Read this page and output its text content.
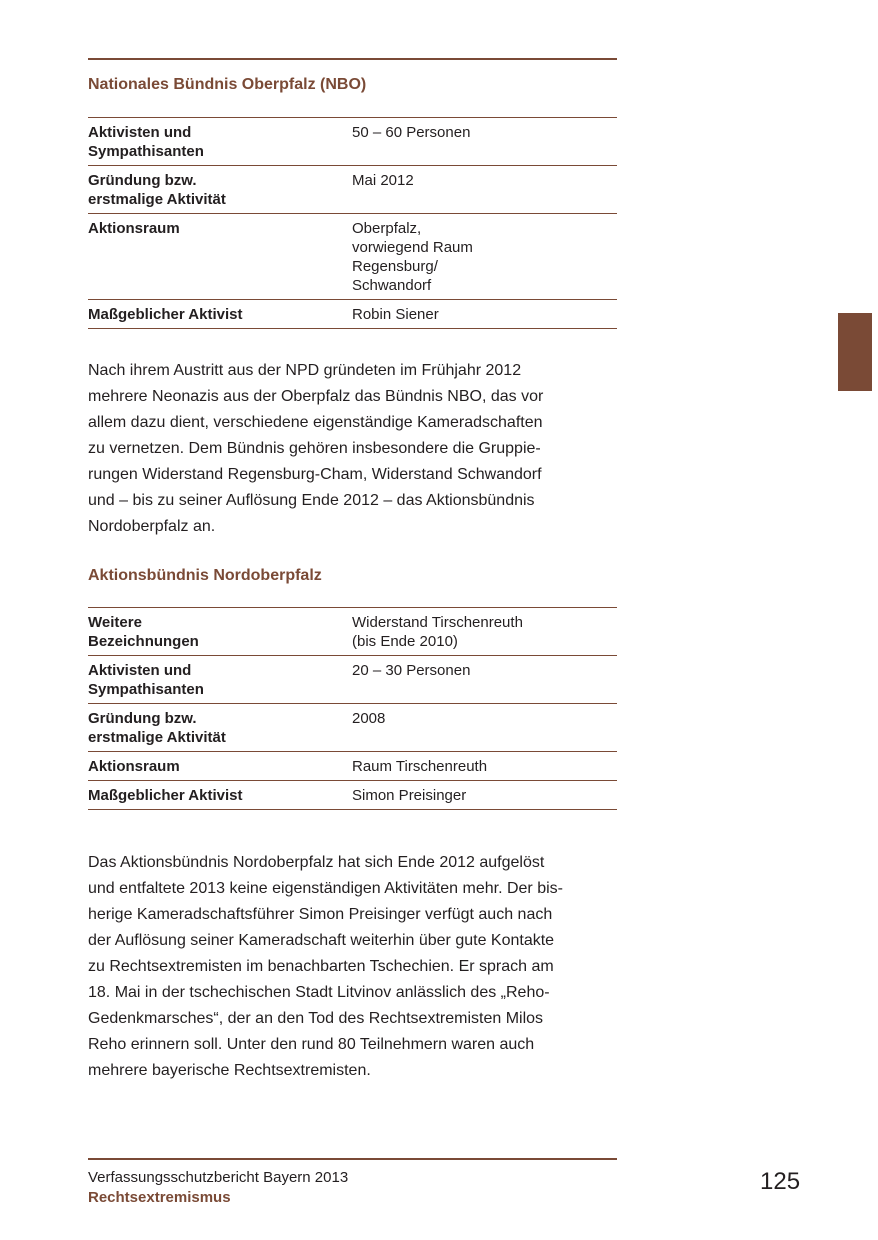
Nationales Bündnis Oberpfalz (NBO)
Aktivisten und
Sympathisanten	50 – 60 Personen
Gründung bzw.
erstmalige Aktivität	Mai 2012
Aktionsraum	Oberpfalz,
vorwiegend Raum
Regensburg/
Schwandorf
Maßgeblicher Aktivist	Robin Siener

Nach ihrem Austritt aus der NPD gründeten im Frühjahr 2012
mehrere Neonazis aus der Oberpfalz das Bündnis NBO, das vor
allem dazu dient, verschiedene eigenständige Kameradschaften
zu vernetzen. Dem Bündnis gehören insbesondere die Gruppie-
rungen Widerstand Regensburg-Cham, Widerstand Schwandorf
und – bis zu seiner Auflösung Ende 2012 – das Aktionsbündnis
Nordoberpfalz an.

Aktionsbündnis Nordoberpfalz
Weitere
Bezeichnungen	Widerstand Tirschenreuth
(bis Ende 2010)
Aktivisten und
Sympathisanten	20 – 30 Personen
Gründung bzw.
erstmalige Aktivität	2008
Aktionsraum	Raum Tirschenreuth
Maßgeblicher Aktivist	Simon Preisinger

Das Aktionsbündnis Nordoberpfalz hat sich Ende 2012 aufgelöst
und entfaltete 2013 keine eigenständigen Aktivitäten mehr. Der bis-
herige Kameradschaftsführer Simon Preisinger verfügt auch nach
der Auflösung seiner Kameradschaft weiterhin über gute Kontakte
zu Rechtsextremisten im benachbarten Tschechien. Er sprach am
18. Mai in der tschechischen Stadt Litvinov anlässlich des „Reho-
Gedenkmarsches“, der an den Tod des Rechtsextremisten Milos
Reho erinnern soll. Unter den rund 80 Teilnehmern waren auch
mehrere bayerische Rechtsextremisten.

Verfassungsschutzbericht Bayern 2013
Rechtsextremismus
125
